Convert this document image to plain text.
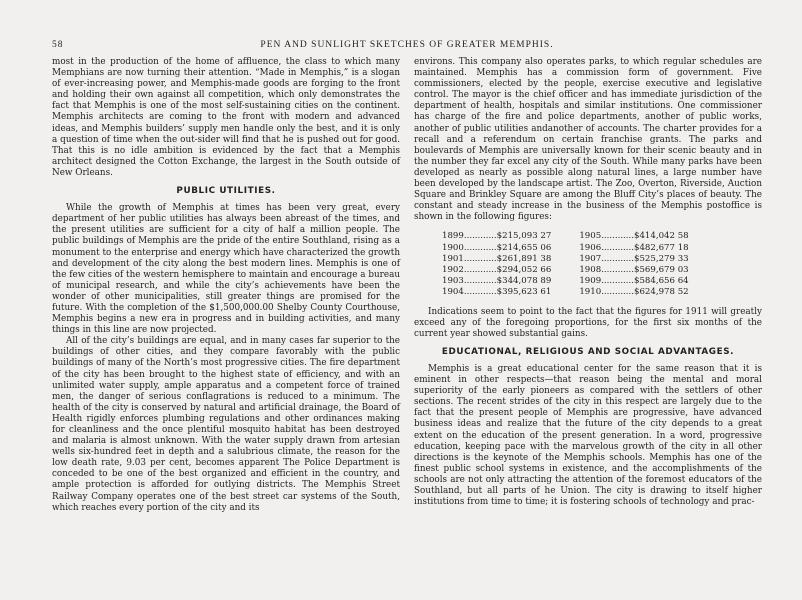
58	PEN AND SUNLIGHT SKETCHES OF GREATER MEMPHIS.

most in the production of the home of affluence, the class to which many Memphians are now turning their attention. “Made in Memphis,” is a slogan of ever-increasing power, and Memphis-made goods are forging to the front and holding their own against all competition, which only demonstrates the fact that Memphis is one of the most self-sustaining cities on the continent. Memphis architects are coming to the front with modern and advanced ideas, and Memphis builders’ supply men handle only the best, and it is only a question of time when the out-sider will find that he is pushed out for good. That this is no idle ambition is evidenced by the fact that a Memphis architect designed the Cotton Exchange, the largest in the South outside of New Orleans.

PUBLIC UTILITIES.

While the growth of Memphis at times has been very great, every department of her public utilities has always been abreast of the times, and the present utilities are sufficient for a city of half a million people. The public buildings of Memphis are the pride of the entire Southland, rising as a monument to the enterprise and energy which have characterized the growth and development of the city along the best modern lines. Memphis is one of the few cities of the western hemisphere to maintain and encourage a bureau of municipal research, and while the city’s achievements have been the wonder of other municipalities, still greater things are promised for the future. With the completion of the $1,500,000.00 Shelby County Courthouse, Memphis begins a new era in progress and in building activities, and many things in this line are now projected.

All of the city’s buildings are equal, and in many cases far superior to the buildings of other cities, and they compare favorably with the public buildings of many of the North’s most progressive cities. The fire department of the city has been brought to the highest state of efficiency, and with an unlimited water supply, ample apparatus and a competent force of trained men, the danger of serious conflagrations is reduced to a minimum. The health of the city is conserved by natural and artificial drainage, the Board of Health rigidly enforces plumbing regulations and other ordinances making for cleanliness and the once plentiful mosquito habitat has been destroyed and malaria is almost unknown. With the water supply drawn from artesian wells six-hundred feet in depth and a salubrious climate, the reason for the low death rate, 9.03 per cent, becomes apparent The Police Department is conceded to be one of the best organized and efficient in the country, and ample protection is afforded for outlying districts. The Memphis Street Railway Company operates one of the best street car systems of the South, which reaches every portion of the city and its

environs. This company also operates parks, to which regular schedules are maintained. Memphis has a commission form of government. Five commissioners, elected by the people, exercise executive and legislative control. The mayor is the chief officer and has immediate jurisdiction of the department of health, hospitals and similar institutions. One commissioner has charge of the fire and police departments, another of public works, another of public utilities andanother of accounts. The charter provides for a recall and a referendum on certain franchise grants. The parks and boulevards of Memphis are universally known for their scenic beauty and in the number they far excel any city of the South. While many parks have been developed as nearly as possible along natural lines, a large number have been developed by the landscape artist. The Zoo, Overton, Riverside, Auction Square and Brinkley Square are among the Bluff City’s places of beauty. The constant and steady increase in the business of the Memphis postoffice is shown in the following figures:

1899............$215,093 27
1900............$214,655 06
1901............$261,891 38
1902............$294,052 66
1903............$344,078 89
1904............$395,623 61
1905............$414,042 58
1906............$482,677 18
1907............$525,279 33
1908............$569,679 03
1909............$584,656 64
1910............$624,978 52

Indications seem to point to the fact that the figures for 1911 will greatly exceed any of the foregoing proportions, for the first six months of the current year showed substantial gains.

EDUCATIONAL, RELIGIOUS AND SOCIAL ADVANTAGES.

Memphis is a great educational center for the same reason that it is eminent in other respects—that reason being the mental and moral superiority of the early pioneers as compared with the settlers of other sections. The recent strides of the city in this respect are largely due to the fact that the present people of Memphis are progressive, have advanced business ideas and realize that the future of the city depends to a great extent on the education of the present generation. In a word, progressive education, keeping pace with the marvelous growth of the city in all other directions is the keynote of the Memphis schools. Memphis has one of the finest public school systems in existence, and the accomplishments of the schools are not only attracting the attention of the foremost educators of the Southland, but all parts of he Union. The city is drawing to itself higher institutions from time to time; it is fostering schools of technology and prac-
